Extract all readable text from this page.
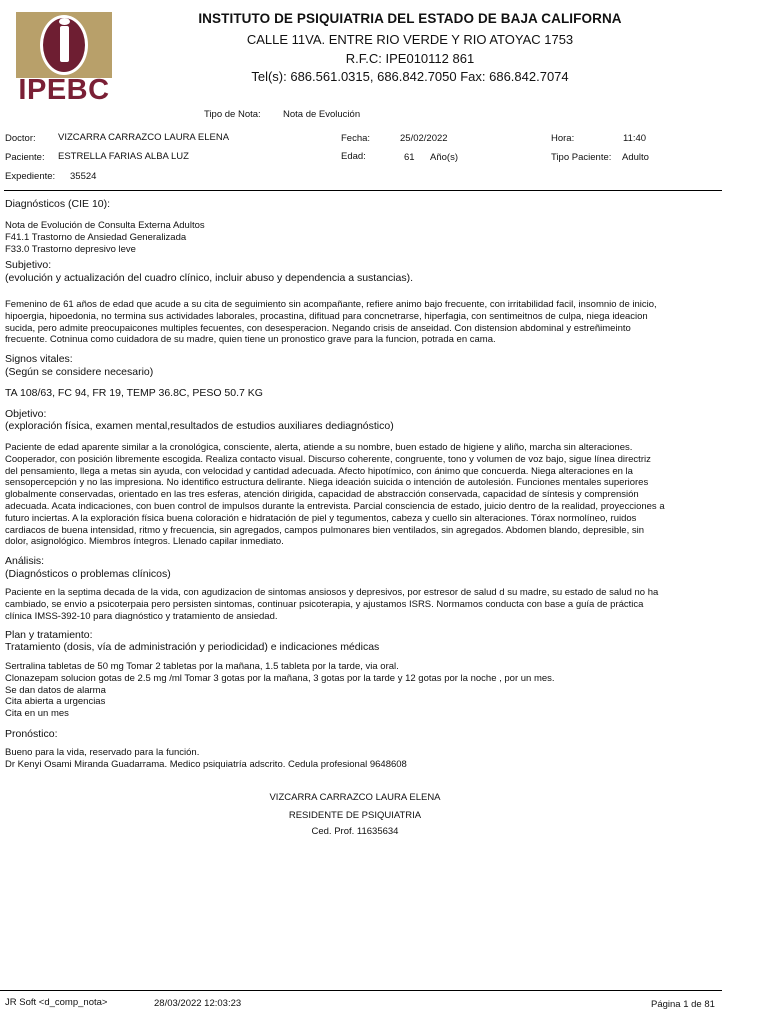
IPEBC
INSTITUTO DE PSIQUIATRIA DEL ESTADO DE BAJA CALIFORNA
CALLE 11VA. ENTRE RIO VERDE Y RIO ATOYAC 1753
R.F.C: IPE010112 861
Tel(s): 686.561.0315, 686.842.7050 Fax: 686.842.7074
Tipo de Nota: Nota de Evolución
Doctor: VIZCARRA CARRAZCO LAURA ELENA	Fecha:	25/02/2022	Hora:	11:40
Paciente: ESTRELLA FARIAS ALBA LUZ	Edad:	61 Año(s)	Tipo Paciente: Adulto
Expediente: 35524
Diagnósticos (CIE 10):
Nota de Evolución de Consulta Externa Adultos
F41.1 Trastorno de Ansiedad Generalizada
F33.0 Trastorno depresivo leve
Subjetivo:
(evolución y actualización del cuadro clínico, incluir abuso y dependencia a sustancias).
Femenino de 61 años de edad que acude a su cita de seguimiento sin acompañante, refiere animo bajo frecuente, con irritabilidad facil, insomnio de inicio,
hipoergia, hipoedonia, no termina sus actividades laborales, procastina, difituad para concnetrarse, hiperfagia, con sentimeitnos de culpa, niega ideacion
sucida, pero admite preocupaicones multiples fecuentes, con desesperacion. Negando crisis de anseidad. Con distension abdominal y estreñimeinto
frecuente. Cotninua como cuidadora de su madre, quien tiene un pronostico grave para la funcion, potrada en cama.
Signos vitales:
(Según se considere necesario)
TA 108/63, FC 94, FR 19, TEMP 36.8C, PESO 50.7 KG
Objetivo:
(exploración física, examen mental,resultados de estudios auxiliares dediagnóstico)
Paciente de edad aparente similar a la cronológica, consciente, alerta, atiende a su nombre, buen estado de higiene y aliño, marcha sin alteraciones.
Cooperador, con posición libremente escogida. Realiza contacto visual. Discurso coherente, congruente, tono y volumen de voz bajo, sigue línea directriz
del pensamiento, llega a metas sin ayuda, con velocidad y cantidad adecuada. Afecto hipotímico, con ánimo que concuerda. Niega alteraciones en la
sensopercepción y no las impresiona. No identifico estructura delirante. Niega ideación suicida o intención de autolesión. Funciones mentales superiores
globalmente conservadas, orientado en las tres esferas, atención dirigida, capacidad de abstracción conservada, capacidad de síntesis y comprensión
adecuada. Acata indicaciones, con buen control de impulsos durante la entrevista. Parcial consciencia de estado, juicio dentro de la realidad, proyecciones a
futuro inciertas. A la exploración física buena coloración e hidratación de piel y tegumentos, cabeza y cuello sin alteraciones. Tórax normolíneo, ruidos
cardiacos de buena intensidad, ritmo y frecuencia, sin agregados, campos pulmonares bien ventilados, sin agregados. Abdomen blando, depresible, sin
dolor, asignológico. Miembros íntegros. Llenado capilar inmediato.
Análisis:
(Diagnósticos o problemas clínicos)
Paciente en la septima decada de la vida, con agudizacion de sintomas ansiosos y depresivos, por estresor de salud d su madre, su estado de salud no ha
cambiado, se envio a psicoterpaia pero persisten sintomas, continuar psicoterapia, y ajustamos ISRS. Normamos conducta con base a guía de práctica
clínica IMSS-392-10 para diagnóstico y tratamiento de ansiedad.
Plan y tratamiento:
Tratamiento (dosis, vía de administración y periodicidad) e indicaciones médicas
Sertralina tabletas de 50 mg Tomar 2 tabletas por la mañana, 1.5 tableta por la tarde, via oral.
Clonazepam solucion gotas de 2.5 mg /ml Tomar 3 gotas por la mañana, 3 gotas por la tarde y 12 gotas por la noche , por un mes.
Se dan datos de alarma
Cita abierta a urgencias
Cita en un mes
Pronóstico:
Bueno para la vida, reservado para la función.
Dr Kenyi Osami Miranda Guadarrama. Medico psiquiatría adscrito. Cedula profesional 9648608
VIZCARRA CARRAZCO LAURA ELENA
RESIDENTE DE PSIQUIATRIA
Ced. Prof. 11635634
JR Soft <d_comp_nota>	28/03/2022 12:03:23	Página 1 de 81
